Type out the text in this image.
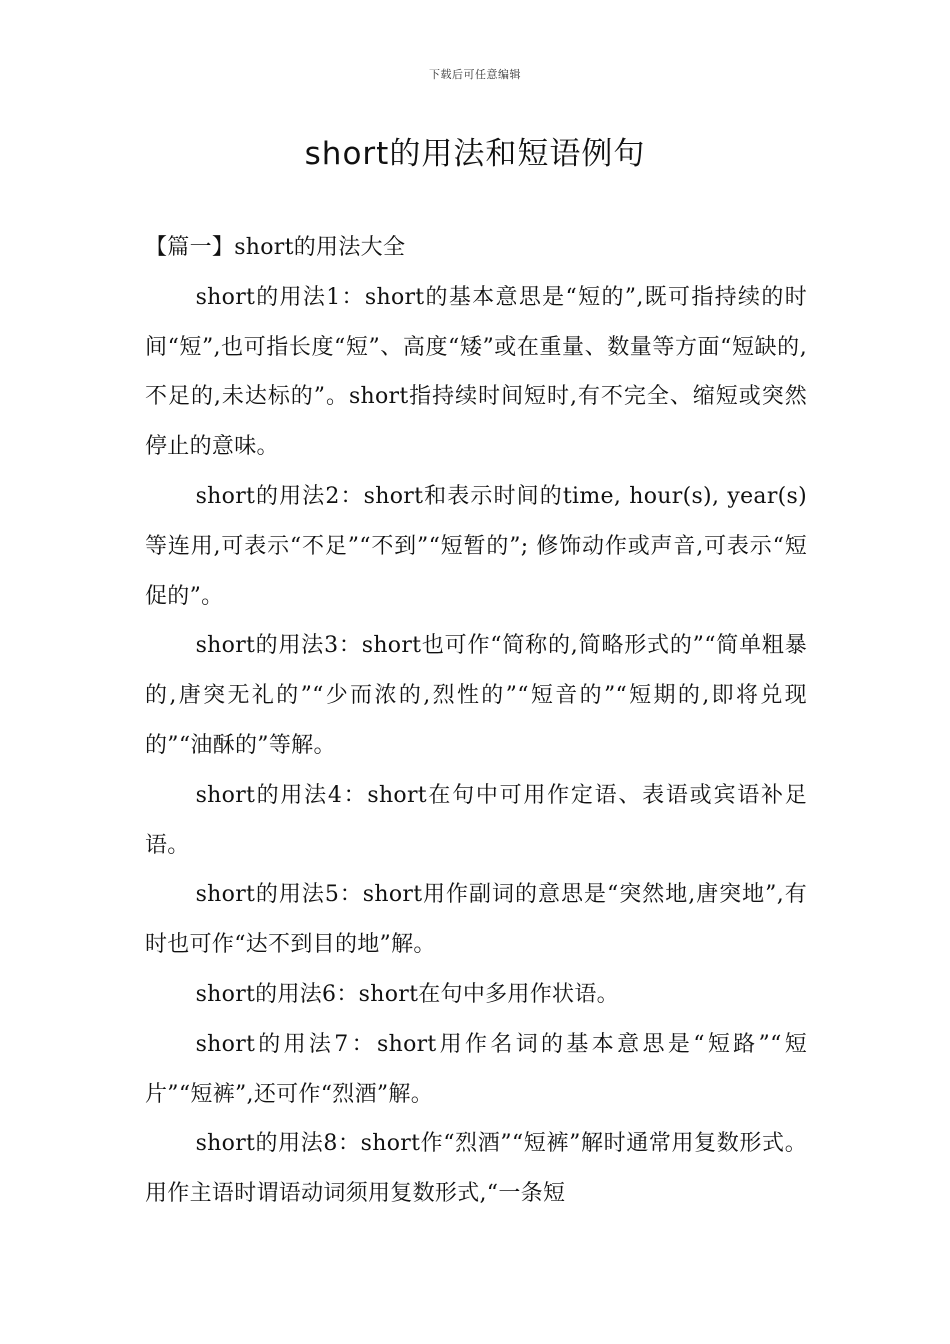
下载后可任意编辑
short的用法和短语例句

【篇一】short的用法大全

short的用法1：short的基本意思是“短的”,既可指持续的时间“短”,也可指长度“短”、高度“矮”或在重量、数量等方面“短缺的,不足的,未达标的”。short指持续时间短时,有不完全、缩短或突然停止的意味。

short的用法2：short和表示时间的time, hour(s), year(s)等连用,可表示“不足”“不到”“短暂的”; 修饰动作或声音,可表示“短促的”。

short的用法3：short也可作“简称的,简略形式的”“简单粗暴的,唐突无礼的”“少而浓的,烈性的”“短音的”“短期的,即将兑现的”“油酥的”等解。

short的用法4：short在句中可用作定语、表语或宾语补足语。

short的用法5：short用作副词的意思是“突然地,唐突地”,有时也可作“达不到目的地”解。

short的用法6：short在句中多用作状语。

short的用法7：short用作名词的基本意思是“短路”“短片”“短裤”,还可作“烈酒”解。

short的用法8：short作“烈酒”“短裤”解时通常用复数形式。用作主语时谓语动词须用复数形式,“一条短
